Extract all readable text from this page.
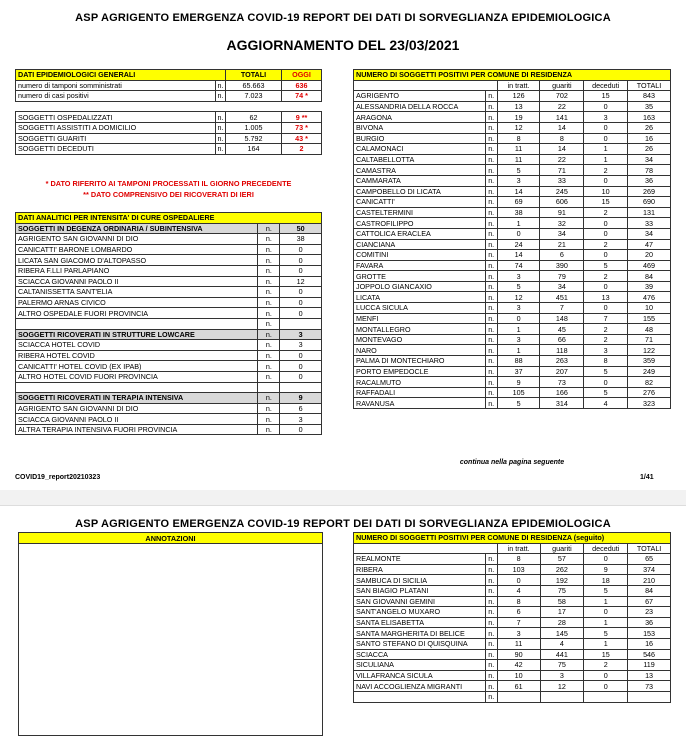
ASP AGRIGENTO EMERGENZA COVID-19 REPORT DEI DATI DI SORVEGLIANZA EPIDEMIOLOGICA
AGGIORNAMENTO DEL 23/03/2021
DATI EPIDEMIOLOGICI GENERALI		TOTALI	OGGI
numero di tamponi somministrati	n.	65.663	636
numero di casi positivi	n.	7.023	74 *

SOGGETTI OSPEDALIZZATI	n.	62	9 **
SOGGETTI ASSISTITI A DOMICILIO	n.	1.005	73 *
SOGGETTI GUARITI	n.	5.792	43 *
SOGGETTI DECEDUTI	n.	164	2
* DATO RIFERITO AI TAMPONI PROCESSATI IL GIORNO PRECEDENTE
** DATO COMPRENSIVO DEI RICOVERATI DI IERI
DATI ANALITICI PER INTENSITA' DI CURE OSPEDALIERE		
SOGGETTI IN DEGENZA ORDINARIA / SUBINTENSIVA	n.	50
AGRIGENTO SAN GIOVANNI DI DIO	n.	38
CANICATTI' BARONE LOMBARDO	n.	0
LICATA SAN GIACOMO D'ALTOPASSO	n.	0
RIBERA F.LLI PARLAPIANO	n.	0
SCIACCA GIOVANNI PAOLO II	n.	12
CALTANISSETTA SANT'ELIA	n.	0
PALERMO ARNAS CIVICO	n.	0
ALTRO OSPEDALE FUORI PROVINCIA	n.	0
	n.	
SOGGETTI RICOVERATI IN STRUTTURE LOWCARE	n.	3
SCIACCA HOTEL COVID	n.	3
RIBERA HOTEL COVID	n.	0
CANICATTI' HOTEL COVID (EX IPAB)	n.	0
ALTRO HOTEL COVID FUORI PROVINCIA	n.	0

SOGGETTI RICOVERATI IN TERAPIA INTENSIVA	n.	9
AGRIGENTO SAN GIOVANNI DI DIO	n.	6
SCIACCA GIOVANNI PAOLO II	n.	3
ALTRA TERAPIA INTENSIVA FUORI PROVINCIA	n.	0
NUMERO DI SOGGETTI POSITIVI PER COMUNE DI RESIDENZA					
		in tratt.	guariti	deceduti	TOTALI
AGRIGENTO	n.	126	702	15	843
ALESSANDRIA DELLA ROCCA	n.	13	22	0	35
ARAGONA	n.	19	141	3	163
BIVONA	n.	12	14	0	26
BURGIO	n.	8	8	0	16
CALAMONACI	n.	11	14	1	26
CALTABELLOTTA	n.	11	22	1	34
CAMASTRA	n.	5	71	2	78
CAMMARATA	n.	3	33	0	36
CAMPOBELLO DI LICATA	n.	14	245	10	269
CANICATTI'	n.	69	606	15	690
CASTELTERMINI	n.	38	91	2	131
CASTROFILIPPO	n.	1	32	0	33
CATTOLICA ERACLEA	n.	0	34	0	34
CIANCIANA	n.	24	21	2	47
COMITINI	n.	14	6	0	20
FAVARA	n.	74	390	5	469
GROTTE	n.	3	79	2	84
JOPPOLO GIANCAXIO	n.	5	34	0	39
LICATA	n.	12	451	13	476
LUCCA SICULA	n.	3	7	0	10
MENFI	n.	0	148	7	155
MONTALLEGRO	n.	1	45	2	48
MONTEVAGO	n.	3	66	2	71
NARO	n.	1	118	3	122
PALMA DI MONTECHIARO	n.	88	263	8	359
PORTO EMPEDOCLE	n.	37	207	5	249
RACALMUTO	n.	9	73	0	82
RAFFADALI	n.	105	166	5	276
RAVANUSA	n.	5	314	4	323
continua nella pagina seguente
COVID19_report20210323	1/41
ASP AGRIGENTO EMERGENZA COVID-19 REPORT DEI DATI DI SORVEGLIANZA EPIDEMIOLOGICA
ANNOTAZIONI	NUMERO DI SOGGETTI POSITIVI PER COMUNE DI RESIDENZA (seguito)					
		in tratt.	guariti	deceduti	TOTALI
REALMONTE	n.	8	57	0	65
RIBERA	n.	103	262	9	374
SAMBUCA DI SICILIA	n.	0	192	18	210
SAN BIAGIO PLATANI	n.	4	75	5	84
SAN GIOVANNI GEMINI	n.	8	58	1	67
SANT'ANGELO MUXARO	n.	6	17	0	23
SANTA ELISABETTA	n.	7	28	1	36
SANTA MARGHERITA DI BELICE	n.	3	145	5	153
SANTO STEFANO DI QUISQUINA	n.	11	4	1	16
SCIACCA	n.	90	441	15	546
SICULIANA	n.	42	75	2	119
VILLAFRANCA SICULA	n.	10	3	0	13
NAVI ACCOGLIENZA MIGRANTI	n.	61	12	0	73
	n.				
